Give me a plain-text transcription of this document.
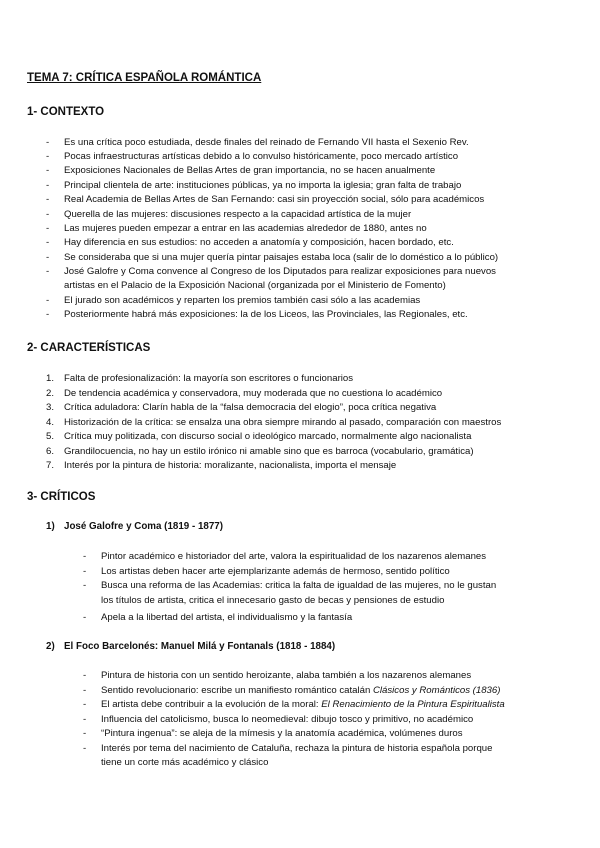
TEMA 7: CRÍTICA ESPAÑOLA ROMÁNTICA
1- CONTEXTO
- Es una crítica poco estudiada, desde finales del reinado de Fernando VII hasta el Sexenio Rev.
- Pocas infraestructuras artísticas debido a lo convulso históricamente, poco mercado artístico
- Exposiciones Nacionales de Bellas Artes de gran importancia, no se hacen anualmente
- Principal clientela de arte: instituciones públicas, ya no importa la iglesia; gran falta de trabajo
- Real Academia de Bellas Artes de San Fernando: casi sin proyección social, sólo para académicos
- Querella de las mujeres: discusiones respecto a la capacidad artística de la mujer
- Las mujeres pueden empezar a entrar en las academias alrededor de 1880, antes no
- Hay diferencia en sus estudios: no acceden a anatomía y composición, hacen bordado, etc.
- Se consideraba que si una mujer quería pintar paisajes estaba loca (salir de lo doméstico a lo público)
- José Galofre y Coma convence al Congreso de los Diputados para realizar exposiciones para nuevos
artistas en el Palacio de la Exposición Nacional (organizada por el Ministerio de Fomento)
- El jurado son académicos y reparten los premios también casi sólo a las academias
- Posteriormente habrá más exposiciones: la de los Liceos, las Provinciales, las Regionales, etc.
2- CARACTERÍSTICAS
1. Falta de profesionalización: la mayoría son escritores o funcionarios
2. De tendencia académica y conservadora, muy moderada que no cuestiona lo académico
3. Crítica aduladora: Clarín habla de la “falsa democracia del elogio”, poca crítica negativa
4. Historización de la crítica: se ensalza una obra siempre mirando al pasado, comparación con maestros
5. Crítica muy politizada, con discurso social o ideológico marcado, normalmente algo nacionalista
6. Grandilocuencia, no hay un estilo irónico ni amable sino que es barroca (vocabulario, gramática)
7. Interés por la pintura de historia: moralizante, nacionalista, importa el mensaje
3- CRÍTICOS
1) José Galofre y Coma (1819 - 1877)
- Pintor académico e historiador del arte, valora la espiritualidad de los nazarenos alemanes
- Los artistas deben hacer arte ejemplarizante además de hermoso, sentido político
- Busca una reforma de las Academias: critica la falta de igualdad de las mujeres, no le gustan
los títulos de artista, critica el innecesario gasto de becas y pensiones de estudio
- Apela a la libertad del artista, el individualismo y la fantasía
2) El Foco Barcelonés: Manuel Milá y Fontanals (1818 - 1884)
- Pintura de historia con un sentido heroizante, alaba también a los nazarenos alemanes
- Sentido revolucionario: escribe un manifiesto romántico catalán Clásicos y Románticos (1836)
- El artista debe contribuir a la evolución de la moral: El Renacimiento de la Pintura Espiritualista
- Influencia del catolicismo, busca lo neomedieval: dibujo tosco y primitivo, no académico
- “Pintura ingenua”: se aleja de la mímesis y la anatomía académica, volúmenes duros
- Interés por tema del nacimiento de Cataluña, rechaza la pintura de historia española porque
tiene un corte más académico y clásico
